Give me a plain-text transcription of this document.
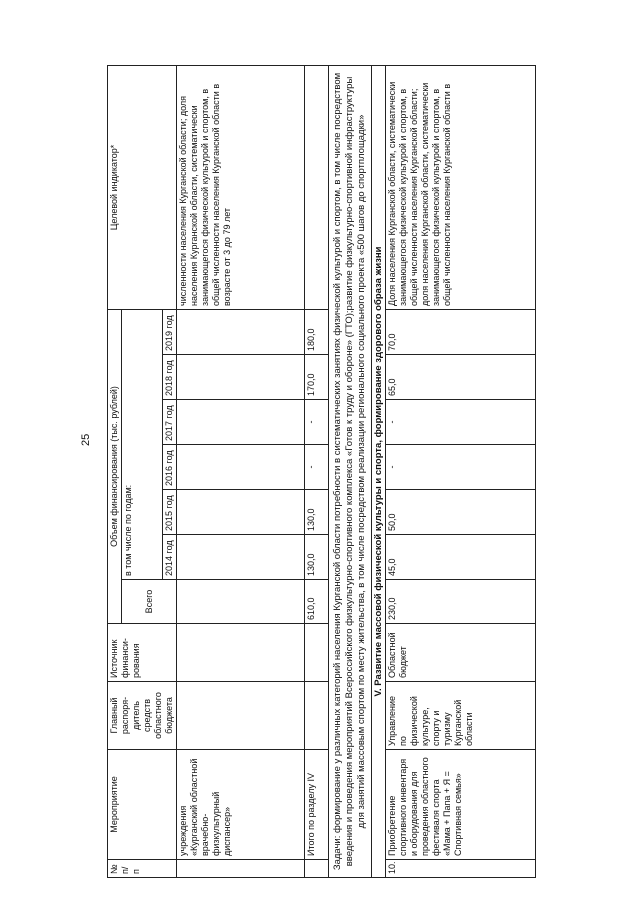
25
№ п/п	Мероприятие	Главный распоря-дитель средств областного бюджета	Источник финанси-рования	Объем финансирования (тыс. рублей)							Целевой индикатор*
				Всего	в том числе по годам:						
					2014 год	2015 год	2016 год	2017 год	2018 год	2019 год	
	учреждения «Курганский областной врачебно-физкультурный диспансер»										численности населения Курганской области; доля населения Курганской области, систематически занимающегося физической культурой и спортом, в общей численности населения Курганской области в возрасте от 3 до 79 лет
	Итого по разделу IV			610,0	130,0	130,0	-	-	170,0	180,0	
Задачи: формирование у различных категорий населения Курганской области потребности в систематических занятиях физической культурой и спортом, в том числе посредством введения и проведения мероприятий Всероссийского физкультурно-спортивного комплекса «Готов к труду и обороне» (ГТО);развитие физкультурно-спортивной инфраструктуры для занятий массовым спортом по месту жительства, в том числе посредством реализации регионального социального проекта «500 шагов до спортплощадки»											
V. Развитие массовой физической культуры и спорта, формирование здорового образа жизни											
10.	Приобретение спортивного инвентаря и оборудования для проведения областного фестиваля спорта «Мама + Папа + Я = Спортивная семья»	Управление по физической культуре, спорту и туризму Курганской области	Областной бюджет	230,0	45,0	50,0	-	-	65,0	70,0	Доля населения Курганской области, систематически занимающегося физической культурой и спортом, в общей численности населения Курганской области; доля населения Курганской области, систематически занимающегося физической культурой и спортом, в общей численности населения Курганской области в
